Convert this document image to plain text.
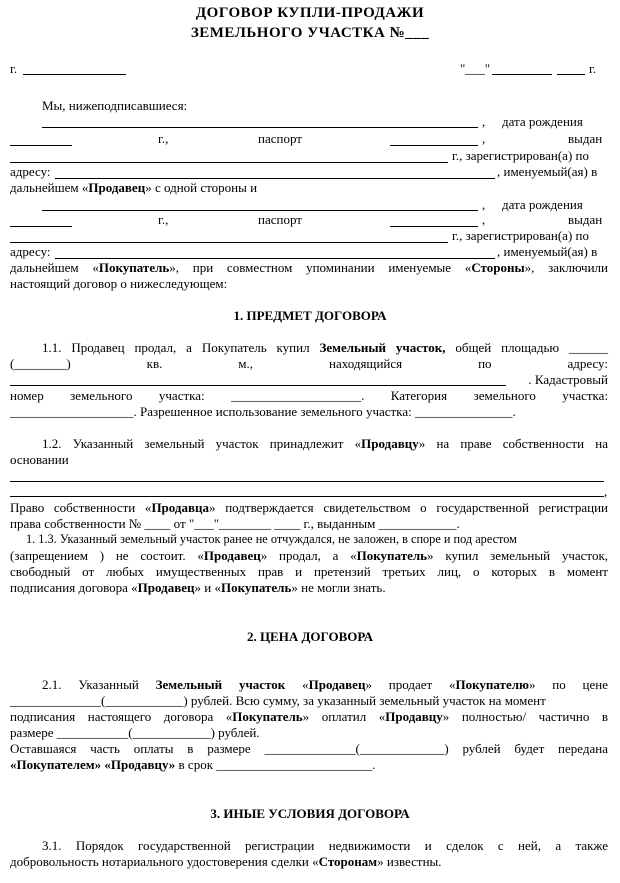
ДОГОВОР КУПЛИ-ПРОДАЖИ
ЗЕМЕЛЬНОГО УЧАСТКА №___
г.	"___"	г.
Мы, нижеподписавшиеся:
, дата рождения
г.,	паспорт	,	выдан
г., зарегистрирован(а) по
адресу:	, именуемый(ая) в
дальнейшем «Продавец» с одной стороны и
, дата рождения
г.,	паспорт	,	выдан
г., зарегистрирован(а) по
адресу:	, именуемый(ая) в
дальнейшем «Покупатель», при совместном упоминании именуемые «Стороны», заключили
настоящий договор о нижеследующем:
1. ПРЕДМЕТ ДОГОВОРА
1.1. Продавец продал, а Покупатель купил Земельный участок, общей площадью ______
(________)	кв.	м.,	находящийся	по	адресу:
. Кадастровый
номер земельного участка: ____________________. Категория земельного участка:
___________________. Разрешенное использование земельного участка: _______________.
1.2. Указанный земельный участок принадлежит «Продавцу» на праве собственности на
основании
,
Право собственности «Продавца» подтверждается свидетельством о государственной регистрации
права собственности № ____ от "___"________ ____ г., выданным ____________.
1. 1.3. Указанный земельный участок ранее не отчуждался, не заложен, в споре и под арестом
(запрещением ) не состоит. «Продавец» продал, а «Покупатель» купил земельный участок,
свободный от любых имущественных прав и претензий третьих лиц, о которых в момент
подписания договора «Продавец» и «Покупатель» не могли знать.
2. ЦЕНА ДОГОВОРА
2.1. Указанный Земельный участок «Продавец» продает «Покупателю» по цене
______________(____________) рублей. Всю сумму, за указанный земельный участок на момент
подписания настоящего договора «Покупатель» оплатил «Продавцу» полностью/ частично в
размере ___________(____________) рублей.
Оставшаяся часть оплаты в размере ______________(_____________) рублей будет передана
«Покупателем» «Продавцу» в срок ________________________.
3. ИНЫЕ УСЛОВИЯ ДОГОВОРА
3.1. Порядок государственной регистрации недвижимости и сделок с ней, а также
добровольность нотариального удостоверения сделки «Сторонам» известны.
